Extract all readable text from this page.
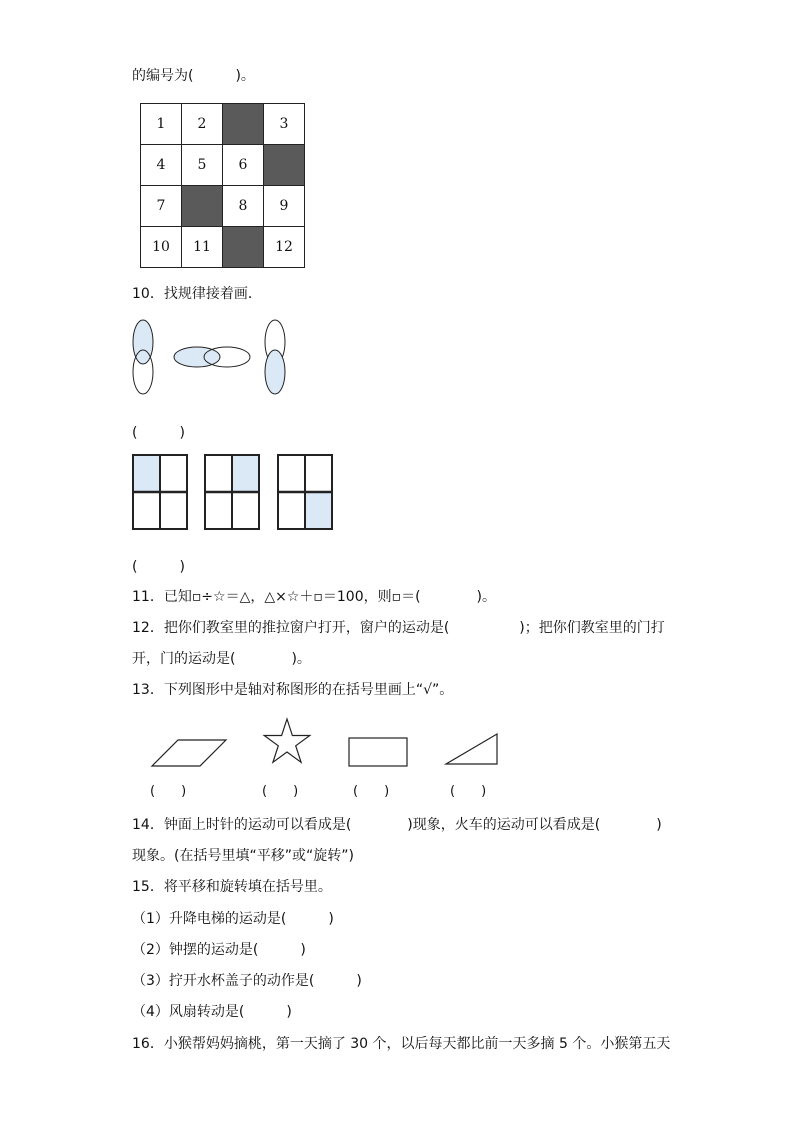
的编号为(　　　)。
1	2		3
4	5	6	
7		8	9
10	11		12
10．找规律接着画．
(　　　)
(　　　)
11．已知▫÷☆＝△，△×☆＋▫＝100，则▫＝(　　　　)。
12．把你们教室里的推拉窗户打开，窗户的运动是(　　　　　)；把你们教室里的门打
开，门的运动是(　　　　)。
13．下列图形中是轴对称图形的在括号里画上“√”。
(　　)	(　　)	(　　)	(　　)
14．钟面上时针的运动可以看成是(　　　　)现象，火车的运动可以看成是(　　　　)
现象。(在括号里填“平移”或“旋转”)
15．将平移和旋转填在括号里。
（1）升降电梯的运动是(　　　)
（2）钟摆的运动是(　　　)
（3）拧开水杯盖子的动作是(　　　)
（4）风扇转动是(　　　)
16．小猴帮妈妈摘桃，第一天摘了 30 个，以后每天都比前一天多摘 5 个。小猴第五天
